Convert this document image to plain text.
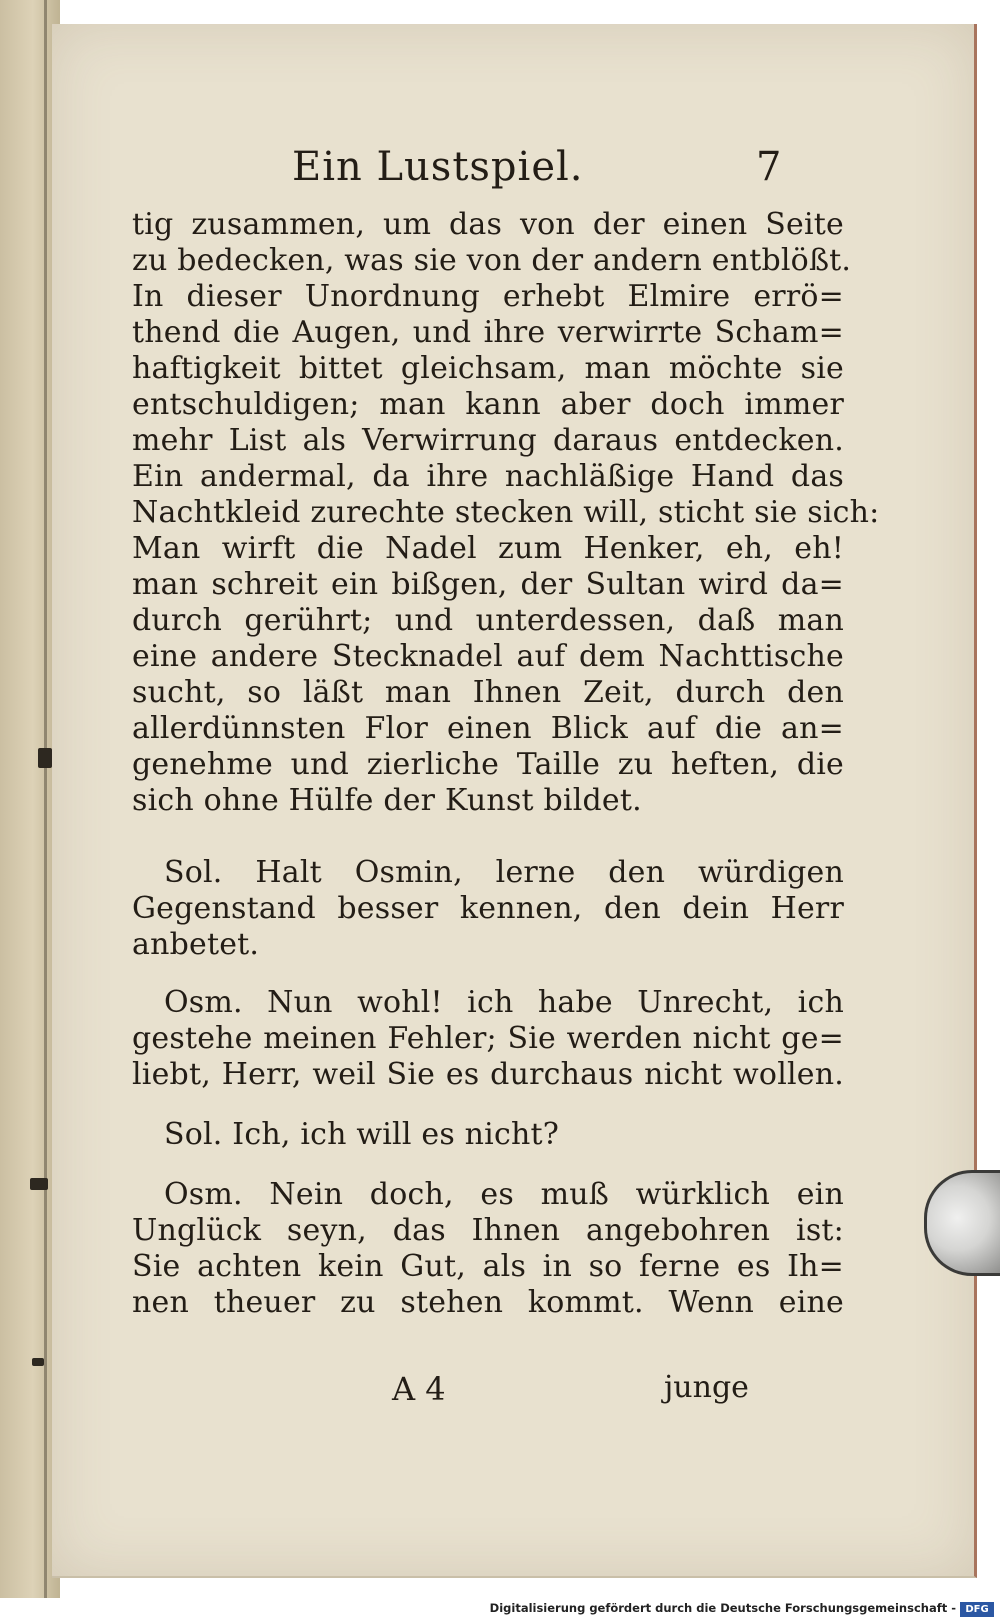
Ein Lustspiel.	7
tig zusammen, um das von der einen Seite
zu bedecken, was sie von der andern entblößt.
In dieser Unordnung erhebt Elmire errö=
thend die Augen, und ihre verwirrte Scham=
haftigkeit bittet gleichsam, man möchte sie
entschuldigen; man kann aber doch immer
mehr List als Verwirrung daraus entdecken.
Ein andermal, da ihre nachläßige Hand das
Nachtkleid zurechte stecken will, sticht sie sich:
Man wirft die Nadel zum Henker, eh, eh!
man schreit ein bißgen, der Sultan wird da=
durch gerührt; und unterdessen, daß man
eine andere Stecknadel auf dem Nachttische
sucht, so läßt man Ihnen Zeit, durch den
allerdünnsten Flor einen Blick auf die an=
genehme und zierliche Taille zu heften, die
sich ohne Hülfe der Kunst bildet.
Sol. Halt Osmin, lerne den würdigen
Gegenstand besser kennen, den dein Herr
anbetet.
Osm. Nun wohl! ich habe Unrecht, ich
gestehe meinen Fehler; Sie werden nicht ge=
liebt, Herr, weil Sie es durchaus nicht wollen.
Sol. Ich, ich will es nicht?
Osm. Nein doch, es muß würklich ein
Unglück seyn, das Ihnen angebohren ist:
Sie achten kein Gut, als in so ferne es Ih=
nen theuer zu stehen kommt. Wenn eine
A 4	junge
Digitalisierung gefördert durch die Deutsche Forschungsgemeinschaft - DFG
